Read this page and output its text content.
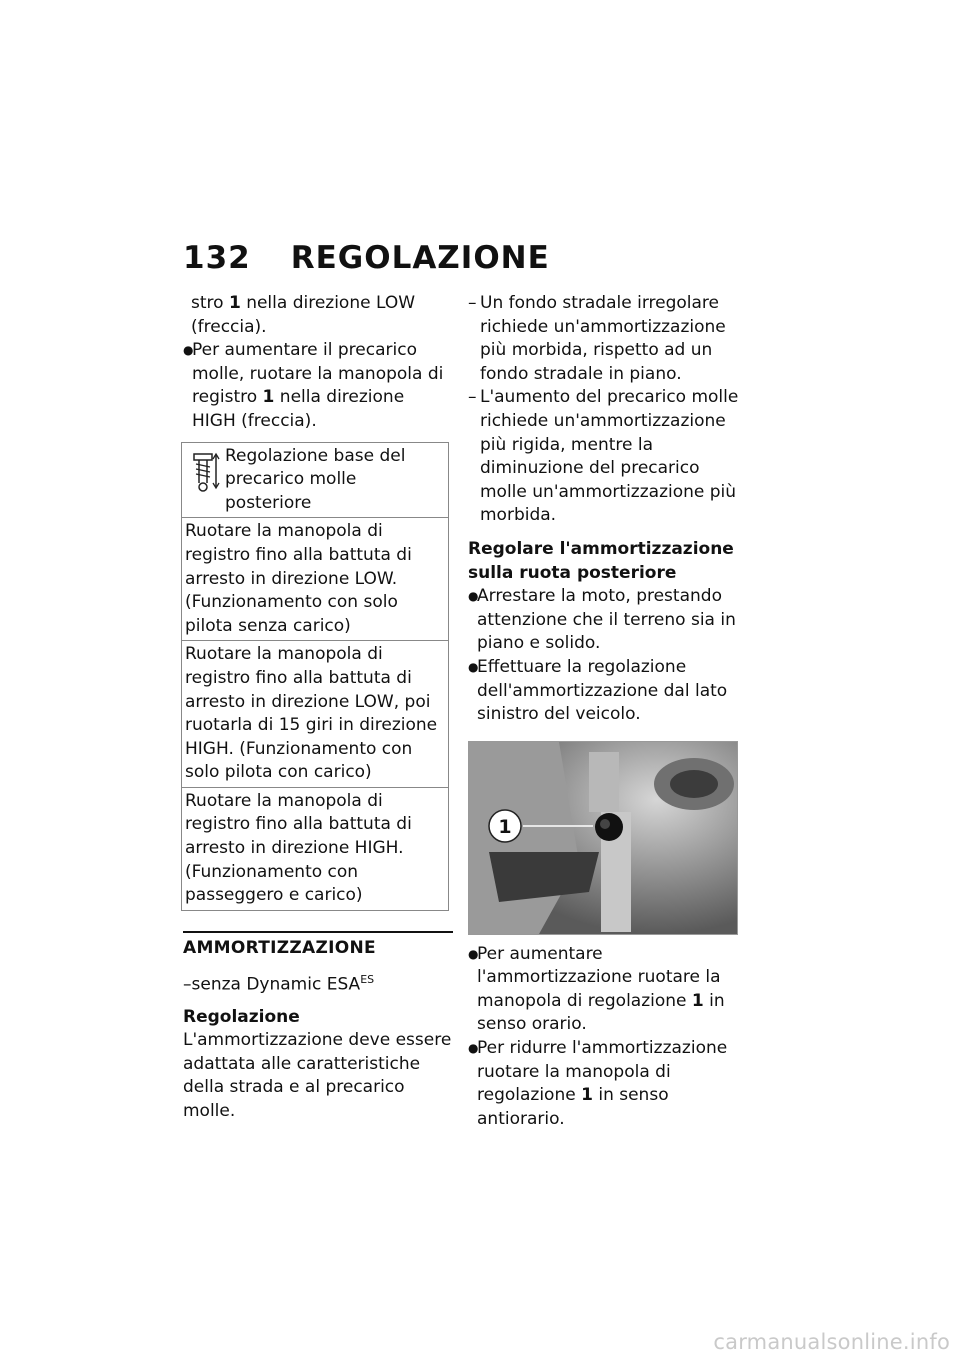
132 REGOLAZIONE
stro 1 nella direzione LOW (freccia).
●
Per aumentare il precarico molle, ruotare la manopola di registro 1 nella direzione HIGH (freccia).
Regolazione base del precarico molle posteriore
Ruotare la manopola di registro fino alla battuta di arresto in direzione LOW. (Funzionamento con solo pilota senza carico)
Ruotare la manopola di registro fino alla battuta di arresto in direzione LOW, poi ruotarla di 15 giri in direzione HIGH. (Funzionamento con solo pilota con carico)
Ruotare la manopola di registro fino alla battuta di arresto in direzione HIGH. (Funzionamento con passeggero e carico)
AMMORTIZZAZIONE
–senza Dynamic $ESA^{ES}$
Regolazione
L'ammortizzazione deve essere adattata alle caratteristiche della strada e al precarico molle.
– Un fondo stradale irregolare richiede un'ammortizzazione più morbida, rispetto ad un fondo stradale in piano.
– L'aumento del precarico molle richiede un'ammortizzazione più rigida, mentre la diminuzione del precarico molle un'ammortizzazione più morbida.
Regolare l'ammortizzazione sulla ruota posteriore
●
Arrestare la moto, prestando attenzione che il terreno sia in piano e solido.
●
Effettuare la regolazione dell'ammortizzazione dal lato sinistro del veicolo.
1
●
Per aumentare l'ammortizzazione ruotare la manopola di regolazione 1 in senso orario.
●
Per ridurre l'ammortizzazione ruotare la manopola di regolazione 1 in senso antiorario.
carmanualsonline.info
